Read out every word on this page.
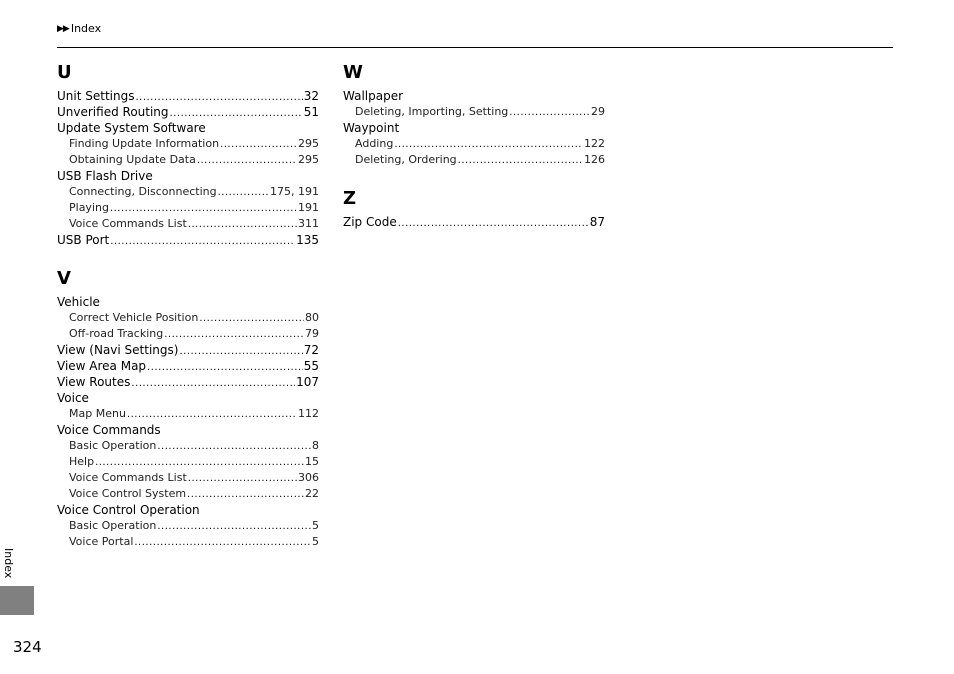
▶▶ Index
U
Unit Settings .....	32
Unverified Routing .....	51
Update System Software
Finding Update Information .....	295
Obtaining Update Data .....	295
USB Flash Drive
Connecting, Disconnecting .....	175, 191
Playing .....	191
Voice Commands List .....	311
USB Port .....	135
V
Vehicle
Correct Vehicle Position .....	80
Off-road Tracking .....	79
View (Navi Settings) .....	72
View Area Map .....	55
View Routes .....	107
Voice
Map Menu .....	112
Voice Commands
Basic Operation .....	8
Help .....	15
Voice Commands List .....	306
Voice Control System .....	22
Voice Control Operation
Basic Operation .....	5
Voice Portal .....	5
W
Wallpaper
Deleting, Importing, Setting .....	29
Waypoint
Adding .....	122
Deleting, Ordering .....	126
Z
Zip Code .....	87
Index
324
